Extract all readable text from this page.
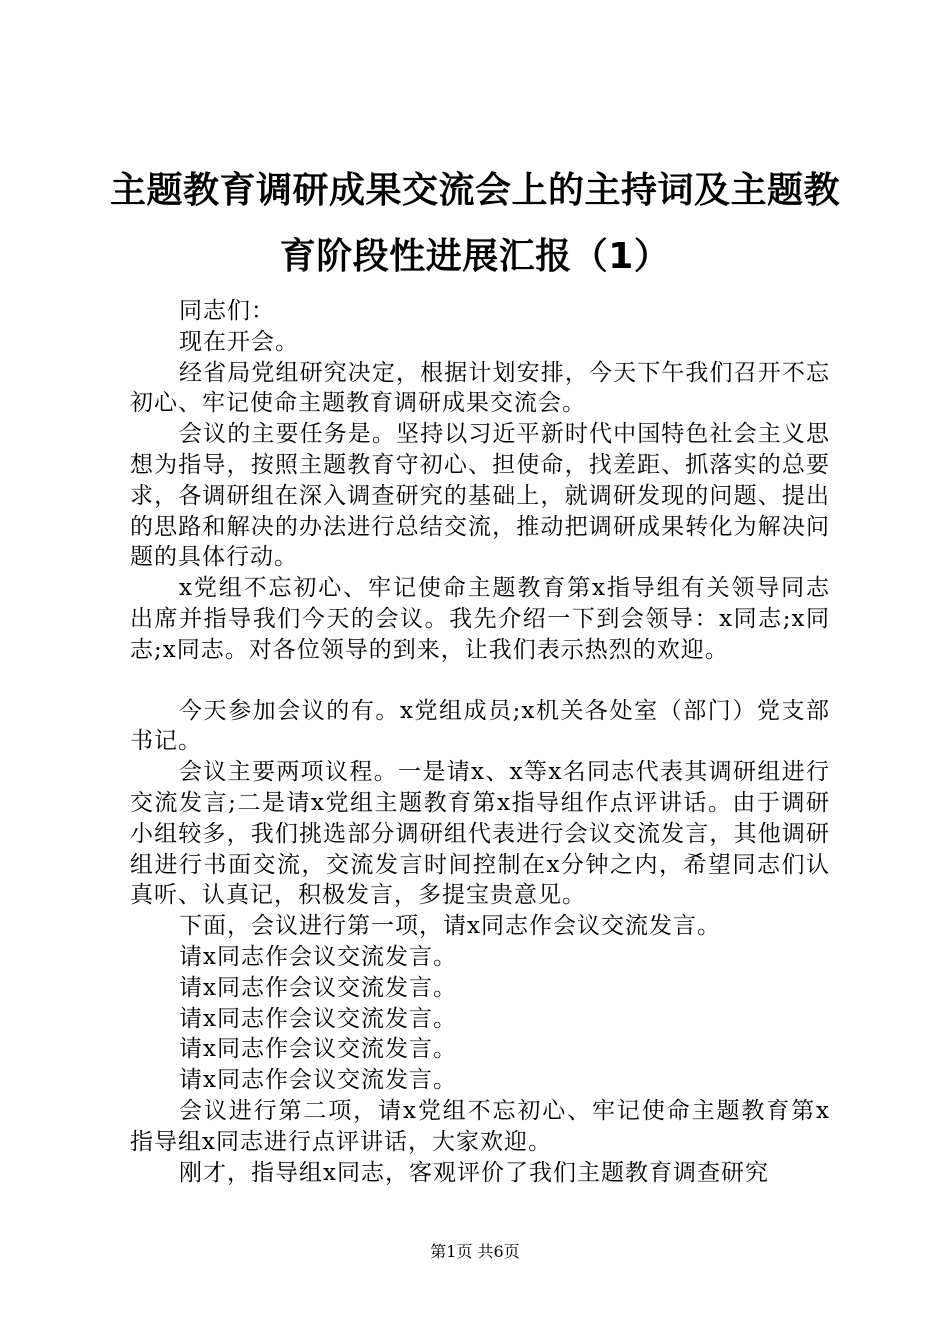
主题教育调研成果交流会上的主持词及主题教
育阶段性进展汇报（1）

同志们：

现在开会。

经省局党组研究决定，根据计划安排，今天下午我们召开不忘初心、牢记使命主题教育调研成果交流会。

会议的主要任务是。坚持以习近平新时代中国特色社会主义思想为指导，按照主题教育守初心、担使命，找差距、抓落实的总要求，各调研组在深入调查研究的基础上，就调研发现的问题、提出的思路和解决的办法进行总结交流，推动把调研成果转化为解决问题的具体行动。

x党组不忘初心、牢记使命主题教育第x指导组有关领导同志出席并指导我们今天的会议。我先介绍一下到会领导：x同志;x同志;x同志。对各位领导的到来，让我们表示热烈的欢迎。

今天参加会议的有。x党组成员;x机关各处室（部门）党支部书记。

会议主要两项议程。一是请x、x等x名同志代表其调研组进行交流发言;二是请x党组主题教育第x指导组作点评讲话。由于调研小组较多，我们挑选部分调研组代表进行会议交流发言，其他调研组进行书面交流，交流发言时间控制在x分钟之内，希望同志们认真听、认真记，积极发言，多提宝贵意见。

下面，会议进行第一项，请x同志作会议交流发言。

请x同志作会议交流发言。

请x同志作会议交流发言。

请x同志作会议交流发言。

请x同志作会议交流发言。

请x同志作会议交流发言。

会议进行第二项，请x党组不忘初心、牢记使命主题教育第x指导组x同志进行点评讲话，大家欢迎。

刚才，指导组x同志，客观评价了我们主题教育调查研究

第1页 共6页
